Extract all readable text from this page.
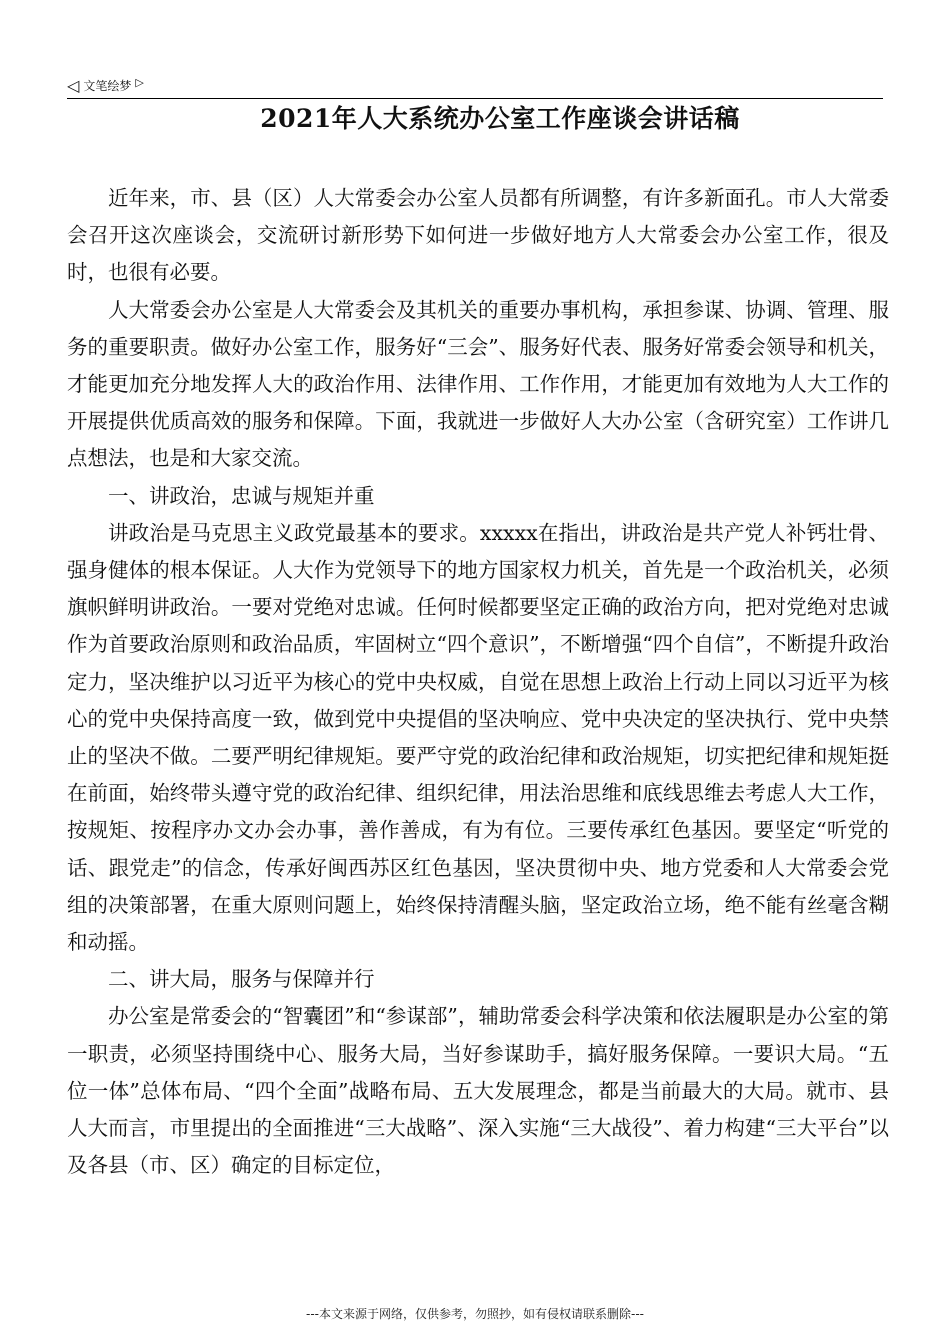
◁ 文笔绘梦 ▷
2021年人大系统办公室工作座谈会讲话稿

近年来，市、县（区）人大常委会办公室人员都有所调整，有许多新面孔。市人大常委会召开这次座谈会，交流研讨新形势下如何进一步做好地方人大常委会办公室工作，很及时，也很有必要。

人大常委会办公室是人大常委会及其机关的重要办事机构，承担参谋、协调、管理、服务的重要职责。做好办公室工作，服务好“三会”、服务好代表、服务好常委会领导和机关，才能更加充分地发挥人大的政治作用、法律作用、工作作用，才能更加有效地为人大工作的开展提供优质高效的服务和保障。下面，我就进一步做好人大办公室（含研究室）工作讲几点想法，也是和大家交流。

一、讲政治，忠诚与规矩并重

讲政治是马克思主义政党最基本的要求。xxxxx在指出，讲政治是共产党人补钙壮骨、强身健体的根本保证。人大作为党领导下的地方国家权力机关，首先是一个政治机关，必须旗帜鲜明讲政治。一要对党绝对忠诚。任何时候都要坚定正确的政治方向，把对党绝对忠诚作为首要政治原则和政治品质，牢固树立“四个意识”，不断增强“四个自信”，不断提升政治定力，坚决维护以习近平为核心的党中央权威，自觉在思想上政治上行动上同以习近平为核心的党中央保持高度一致，做到党中央提倡的坚决响应、党中央决定的坚决执行、党中央禁止的坚决不做。二要严明纪律规矩。要严守党的政治纪律和政治规矩，切实把纪律和规矩挺在前面，始终带头遵守党的政治纪律、组织纪律，用法治思维和底线思维去考虑人大工作，按规矩、按程序办文办会办事，善作善成，有为有位。三要传承红色基因。要坚定“听党的话、跟党走”的信念，传承好闽西苏区红色基因，坚决贯彻中央、地方党委和人大常委会党组的决策部署，在重大原则问题上，始终保持清醒头脑，坚定政治立场，绝不能有丝毫含糊和动摇。

二、讲大局，服务与保障并行

办公室是常委会的“智囊团”和“参谋部”，辅助常委会科学决策和依法履职是办公室的第一职责，必须坚持围绕中心、服务大局，当好参谋助手，搞好服务保障。一要识大局。“五位一体”总体布局、“四个全面”战略布局、五大发展理念，都是当前最大的大局。就市、县人大而言，市里提出的全面推进“三大战略”、深入实施“三大战役”、着力构建“三大平台”以及各县（市、区）确定的目标定位，

---本文来源于网络，仅供参考，勿照抄，如有侵权请联系删除---
